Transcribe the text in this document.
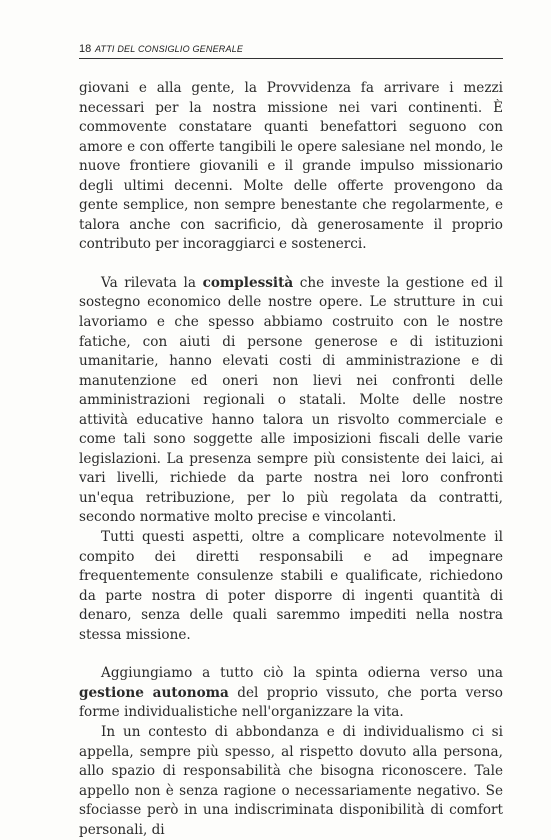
18 ATTI DEL CONSIGLIO GENERALE

giovani e alla gente, la Provvidenza fa arrivare i mezzi necessari per la nostra missione nei vari continenti. È commovente constatare quanti benefattori seguono con amore e con offerte tangibili le opere salesiane nel mondo, le nuove frontiere giovanili e il grande impulso missionario degli ultimi decenni. Molte delle offerte provengono da gente semplice, non sempre benestante che regolarmente, e talora anche con sacrificio, dà generosamente il proprio contributo per incoraggiarci e sostenerci.

Va rilevata la complessità che investe la gestione ed il sostegno economico delle nostre opere. Le strutture in cui lavoriamo e che spesso abbiamo costruito con le nostre fatiche, con aiuti di persone generose e di istituzioni umanitarie, hanno elevati costi di amministrazione e di manutenzione ed oneri non lievi nei confronti delle amministrazioni regionali o statali. Molte delle nostre attività educative hanno talora un risvolto commerciale e come tali sono soggette alle imposizioni fiscali delle varie legislazioni. La presenza sempre più consistente dei laici, ai vari livelli, richiede da parte nostra nei loro confronti un'equa retribuzione, per lo più regolata da contratti, secondo normative molto precise e vincolanti.

Tutti questi aspetti, oltre a complicare notevolmente il compito dei diretti responsabili e ad impegnare frequentemente consulenze stabili e qualificate, richiedono da parte nostra di poter disporre di ingenti quantità di denaro, senza delle quali saremmo impediti nella nostra stessa missione.

Aggiungiamo a tutto ciò la spinta odierna verso una gestione autonoma del proprio vissuto, che porta verso forme individualistiche nell'organizzare la vita.

In un contesto di abbondanza e di individualismo ci si appella, sempre più spesso, al rispetto dovuto alla persona, allo spazio di responsabilità che bisogna riconoscere. Tale appello non è senza ragione o necessariamente negativo. Se sfociasse però in una indiscriminata disponibilità di comfort personali, di
